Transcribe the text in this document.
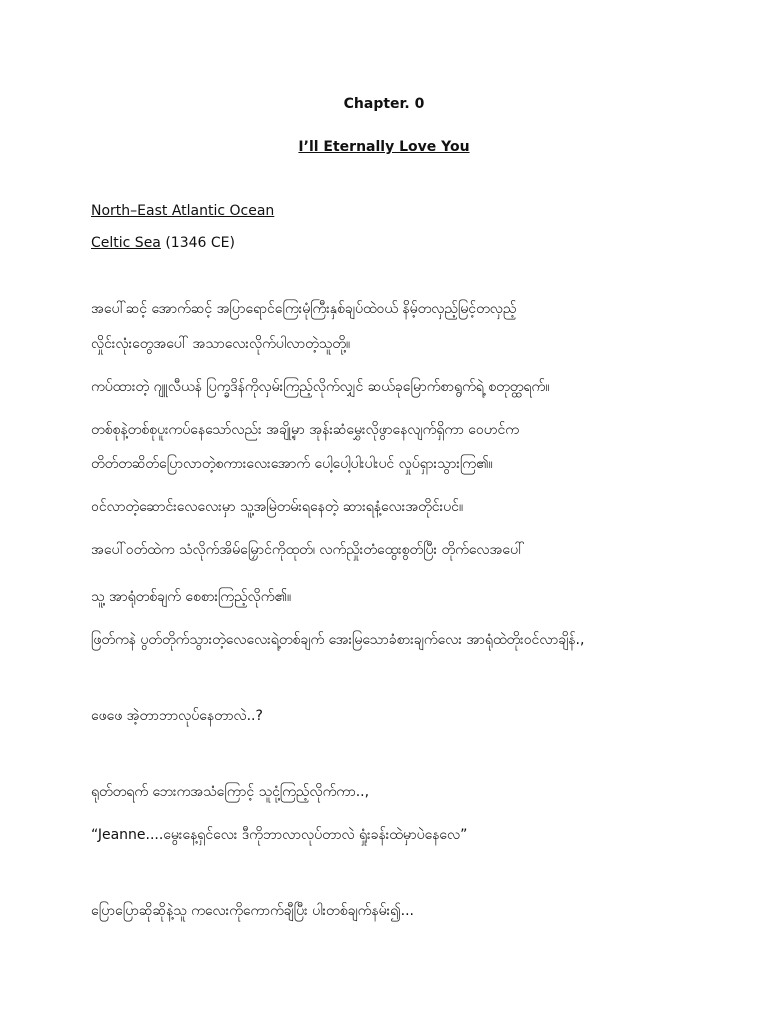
Chapter. 0
I’ll Eternally Love You
North–East Atlantic Ocean
Celtic Sea (1346 CE)
အပေါ်ဆင့် အောက်ဆင့် အပြာရောင်ကြေးမုံကြီးနှစ်ချပ်ထဲဝယ် နိမ့်တလှည့်မြင့်တလှည့်
လှိုင်းလုံးတွေအပေါ် အသာလေးလိုက်ပါလာတဲ့သူတို့။
ကပ်ထားတဲ့ ဂျူလီယန် ပြက္ခဒိန်ကိုလှမ်းကြည့်လိုက်လျှင် ဆယ်ခုမြောက်စာရွက်ရဲ့ စတုတ္ထရက်။
တစ်စုနဲ့တစ်စုပူးကပ်နေသော်လည်း အချို့မှာ အုန်းဆံမွှေးလိုဖွာနေလျက်ရှိကာ ဝေဟင်က
တိတ်တဆိတ်ပြောလာတဲ့စကားလေးအောက် ပေါ့ပေါ့ပါးပါးပင် လှုပ်ရှားသွားကြ၏။
ဝင်လာတဲ့ဆောင်းလေလေးမှာ သူ့အမြဲတမ်းရနေတဲ့ ဆားရနံ့လေးအတိုင်းပင်။
အပေါ်ဝတ်ထဲက သံလိုက်အိမ်မြှောင်ကိုထုတ်၊ လက်ညှိုးတံထွေးစွတ်ပြီး တိုက်လေအပေါ်
သူ့ အာရုံတစ်ချက် စေစားကြည့်လိုက်၏။
ဖြတ်ကနဲ ပွတ်တိုက်သွားတဲ့လေလေးရဲ့တစ်ချက် အေးမြသောခံစားချက်လေး အာရုံထဲတိုးဝင်လာချိန်.,
ဖေဖေ အဲ့တာဘာလုပ်နေတာလဲ..?
ရုတ်တရက် ဘေးကအသံကြောင့် သူငုံ့ကြည့်လိုက်ကာ..,
“Jeanne....မွေးနေ့ရှင်လေး ဒီကိုဘာလာလုပ်တာလဲ ရှုံးခန်းထဲမှာပဲနေလေ”
ပြောပြောဆိုဆိုနဲ့သူ ကလေးကိုကောက်ချီပြီး ပါးတစ်ချက်နမ်း၍...
